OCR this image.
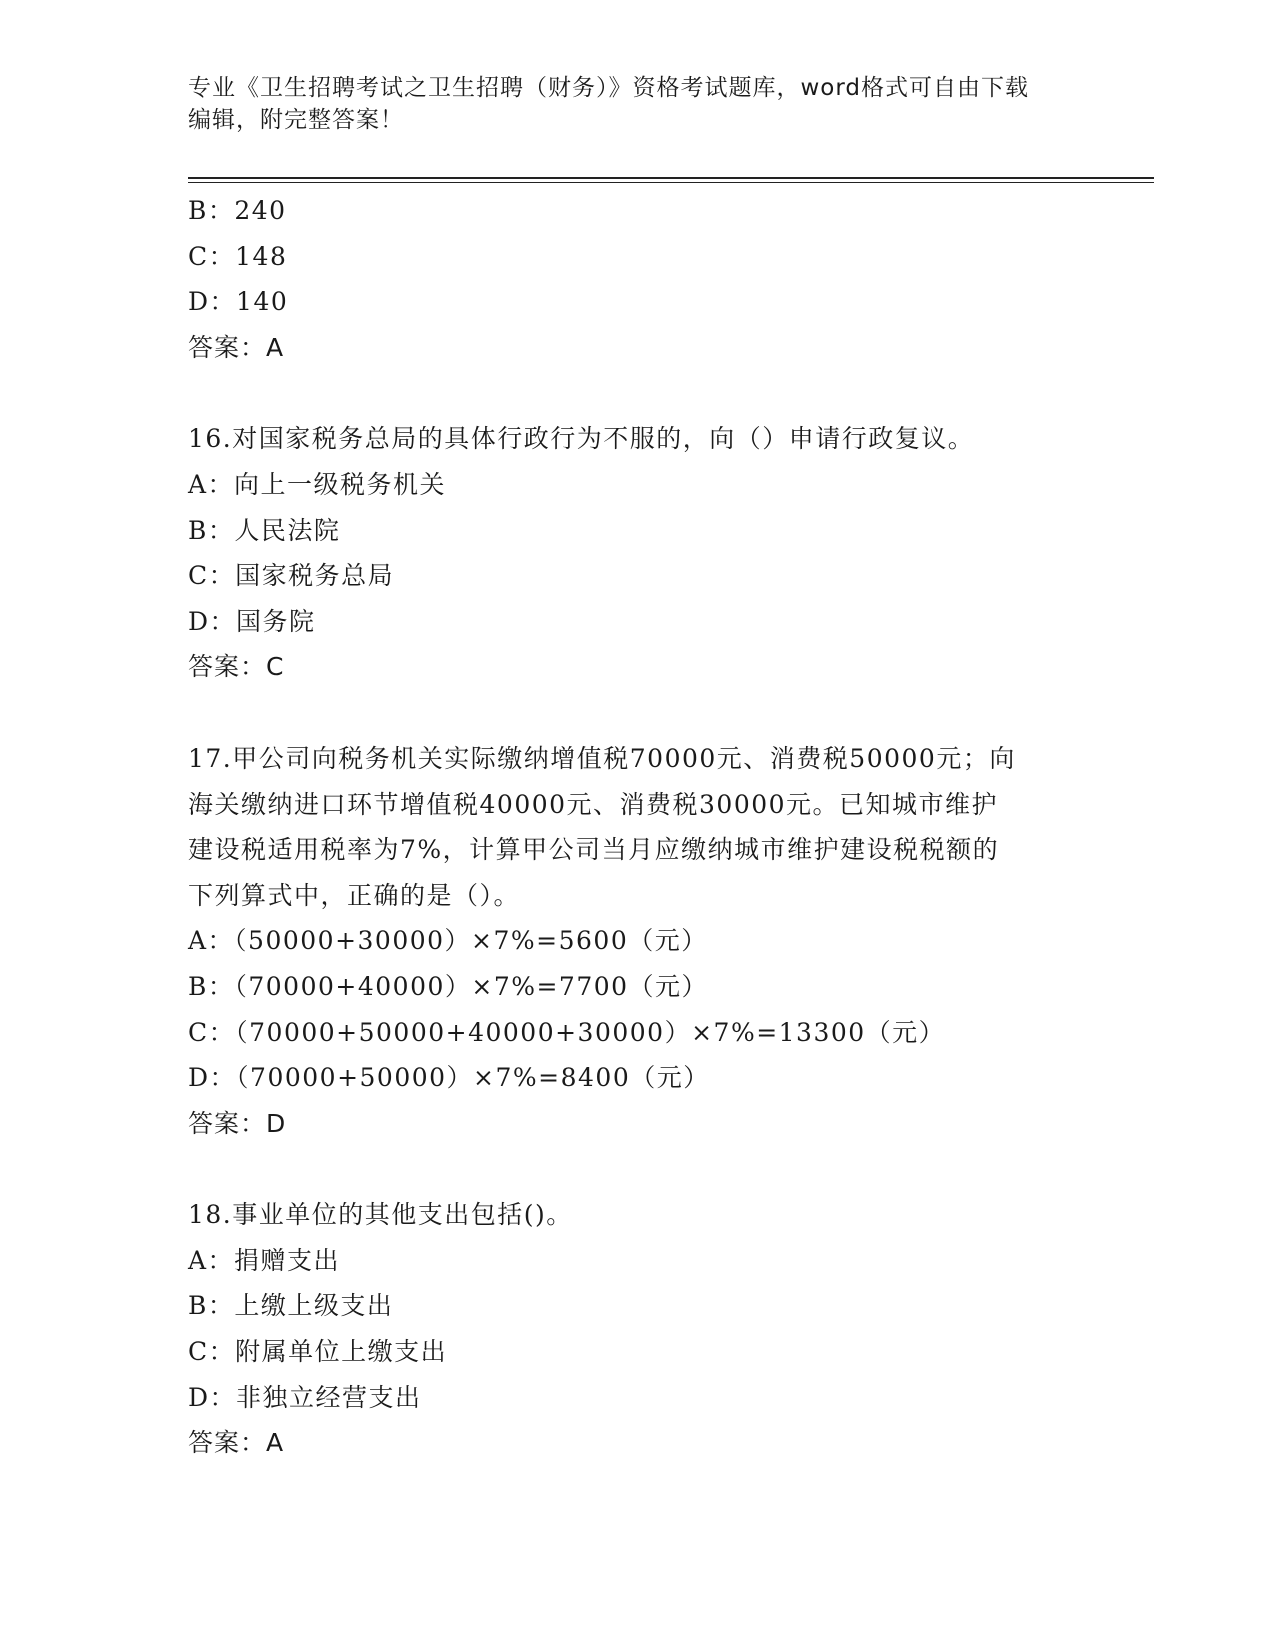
专业《卫生招聘考试之卫生招聘（财务）》资格考试题库，word格式可自由下载
编辑，附完整答案！
B：240
C：148
D：140
答案：A
16.对国家税务总局的具体行政行为不服的，向（）申请行政复议。
A：向上一级税务机关
B：人民法院
C：国家税务总局
D：国务院
答案：C
17.甲公司向税务机关实际缴纳增值税70000元、消费税50000元；向
海关缴纳进口环节增值税40000元、消费税30000元。已知城市维护
建设税适用税率为7%，计算甲公司当月应缴纳城市维护建设税税额的
下列算式中，正确的是（）。
A：（50000+30000）×7%=5600（元）
B：（70000+40000）×7%=7700（元）
C：（70000+50000+40000+30000）×7%=13300（元）
D：（70000+50000）×7%=8400（元）
答案：D
18.事业单位的其他支出包括()。
A：捐赠支出
B：上缴上级支出
C：附属单位上缴支出
D：非独立经营支出
答案：A
